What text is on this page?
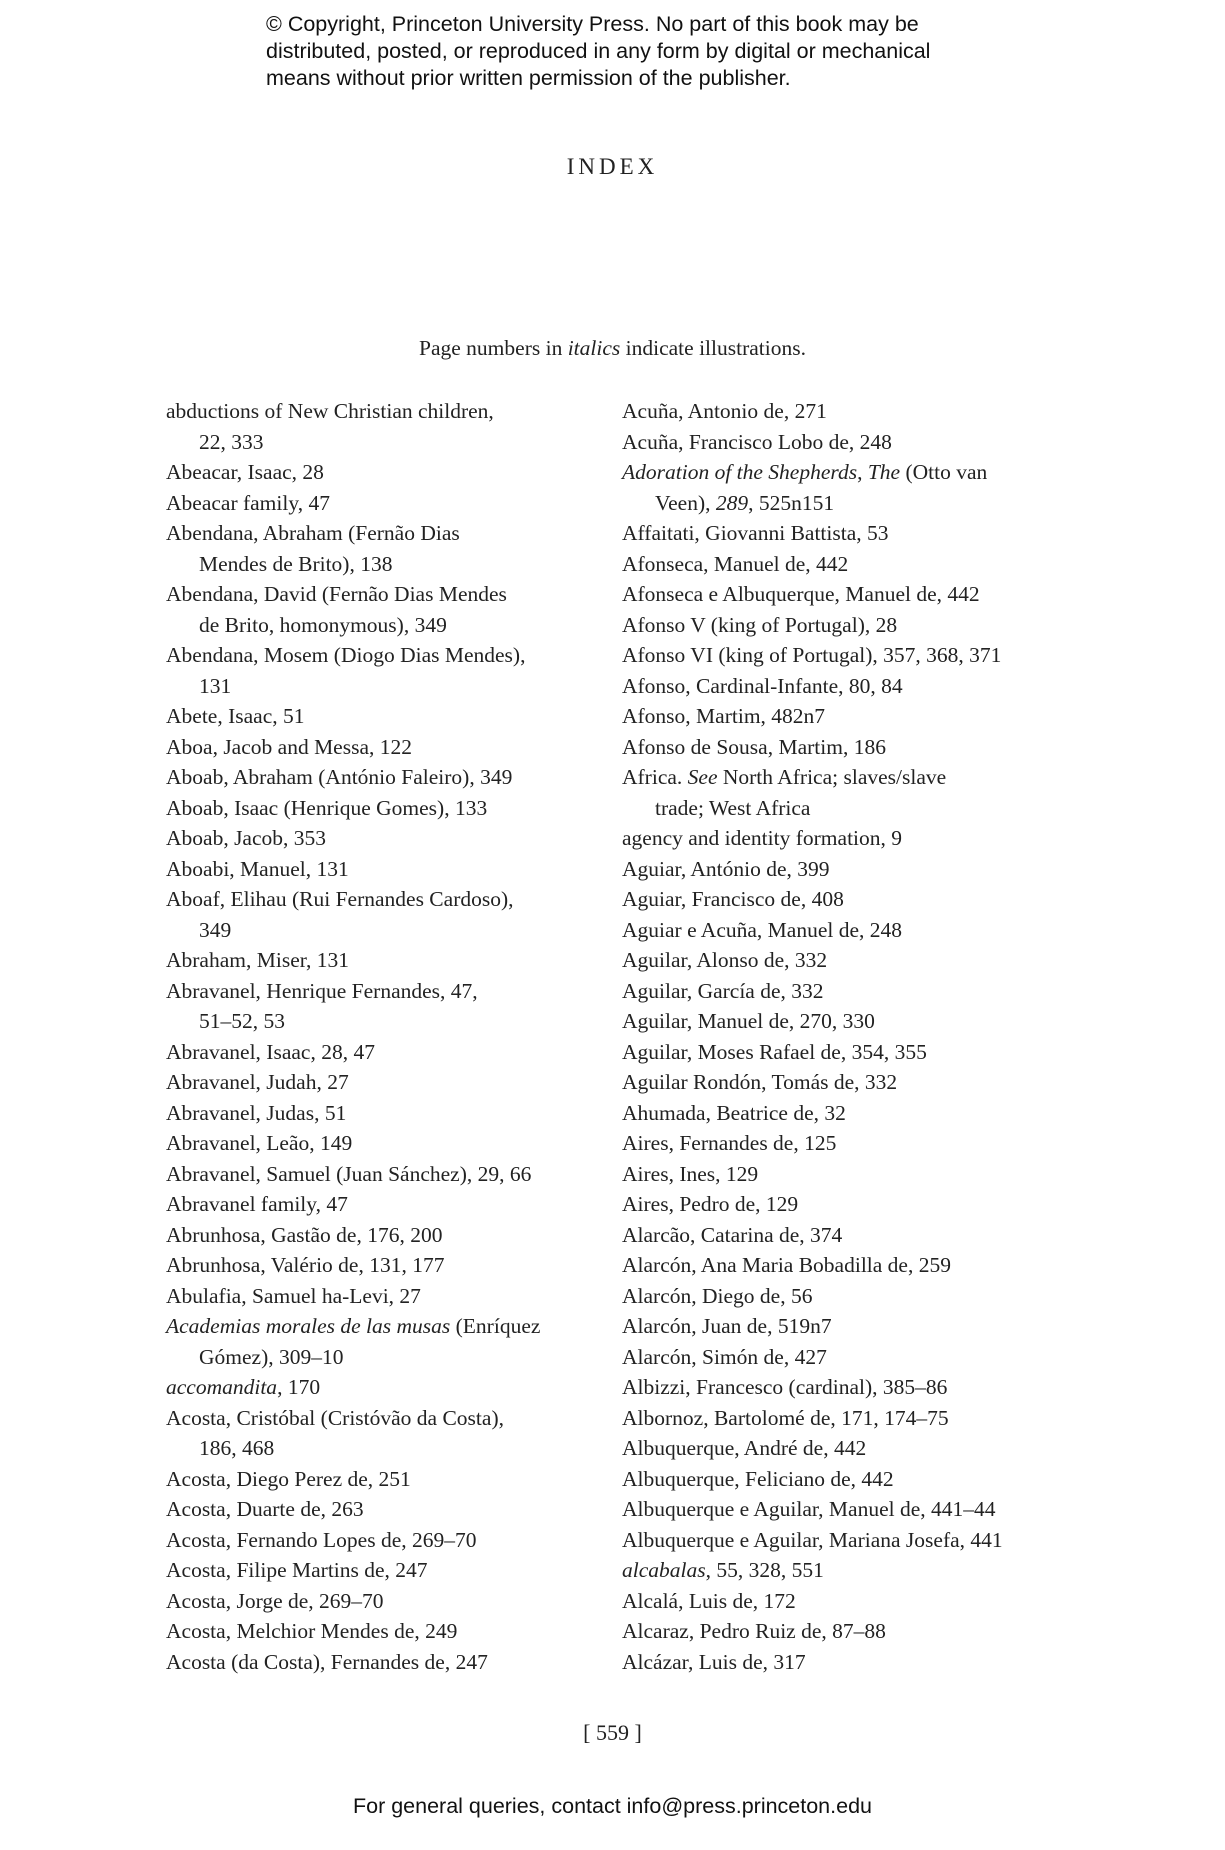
© Copyright, Princeton University Press. No part of this book may be
distributed, posted, or reproduced in any form by digital or mechanical
means without prior written permission of the publisher.
INDEX
Page numbers in italics indicate illustrations.
abductions of New Christian children,
22, 333
Abeacar, Isaac, 28
Abeacar family, 47
Abendana, Abraham (Fernão Dias
Mendes de Brito), 138
Abendana, David (Fernão Dias Mendes
de Brito, homonymous), 349
Abendana, Mosem (Diogo Dias Mendes),
131
Abete, Isaac, 51
Aboa, Jacob and Messa, 122
Aboab, Abraham (António Faleiro), 349
Aboab, Isaac (Henrique Gomes), 133
Aboab, Jacob, 353
Aboabi, Manuel, 131
Aboaf, Elihau (Rui Fernandes Cardoso),
349
Abraham, Miser, 131
Abravanel, Henrique Fernandes, 47,
51–52, 53
Abravanel, Isaac, 28, 47
Abravanel, Judah, 27
Abravanel, Judas, 51
Abravanel, Leão, 149
Abravanel, Samuel (Juan Sánchez), 29, 66
Abravanel family, 47
Abrunhosa, Gastão de, 176, 200
Abrunhosa, Valério de, 131, 177
Abulafia, Samuel ha-Levi, 27
Academias morales de las musas (Enríquez
Gómez), 309–10
accomandita, 170
Acosta, Cristóbal (Cristóvão da Costa),
186, 468
Acosta, Diego Perez de, 251
Acosta, Duarte de, 263
Acosta, Fernando Lopes de, 269–70
Acosta, Filipe Martins de, 247
Acosta, Jorge de, 269–70
Acosta, Melchior Mendes de, 249
Acosta (da Costa), Fernandes de, 247
Acuña, Antonio de, 271
Acuña, Francisco Lobo de, 248
Adoration of the Shepherds, The (Otto van
Veen), 289, 525n151
Affaitati, Giovanni Battista, 53
Afonseca, Manuel de, 442
Afonseca e Albuquerque, Manuel de, 442
Afonso V (king of Portugal), 28
Afonso VI (king of Portugal), 357, 368, 371
Afonso, Cardinal-Infante, 80, 84
Afonso, Martim, 482n7
Afonso de Sousa, Martim, 186
Africa. See North Africa; slaves/slave
trade; West Africa
agency and identity formation, 9
Aguiar, António de, 399
Aguiar, Francisco de, 408
Aguiar e Acuña, Manuel de, 248
Aguilar, Alonso de, 332
Aguilar, García de, 332
Aguilar, Manuel de, 270, 330
Aguilar, Moses Rafael de, 354, 355
Aguilar Rondón, Tomás de, 332
Ahumada, Beatrice de, 32
Aires, Fernandes de, 125
Aires, Ines, 129
Aires, Pedro de, 129
Alarcão, Catarina de, 374
Alarcón, Ana Maria Bobadilla de, 259
Alarcón, Diego de, 56
Alarcón, Juan de, 519n7
Alarcón, Simón de, 427
Albizzi, Francesco (cardinal), 385–86
Albornoz, Bartolomé de, 171, 174–75
Albuquerque, André de, 442
Albuquerque, Feliciano de, 442
Albuquerque e Aguilar, Manuel de, 441–44
Albuquerque e Aguilar, Mariana Josefa, 441
alcabalas, 55, 328, 551
Alcalá, Luis de, 172
Alcaraz, Pedro Ruiz de, 87–88
Alcázar, Luis de, 317
[ 559 ]
For general queries, contact info@press.princeton.edu
